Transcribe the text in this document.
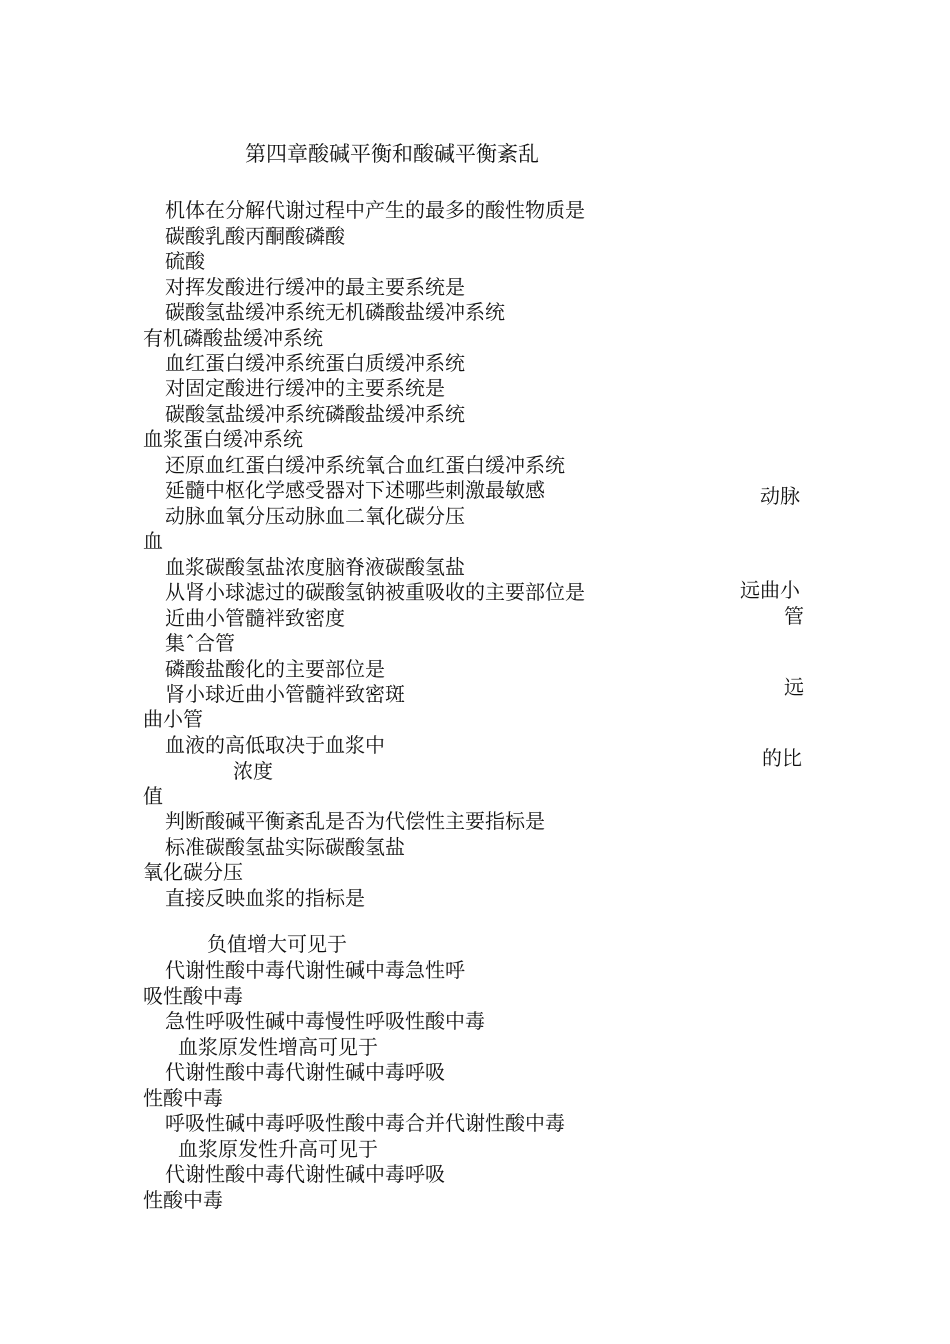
第四章酸碱平衡和酸碱平衡紊乱
机体在分解代谢过程中产生的最多的酸性物质是
碳酸乳酸丙酮酸磷酸
硫酸
对挥发酸进行缓冲的最主要系统是
碳酸氢盐缓冲系统无机磷酸盐缓冲系统
有机磷酸盐缓冲系统
血红蛋白缓冲系统蛋白质缓冲系统
对固定酸进行缓冲的主要系统是
碳酸氢盐缓冲系统磷酸盐缓冲系统
血浆蛋白缓冲系统
还原血红蛋白缓冲系统氧合血红蛋白缓冲系统
延髓中枢化学感受器对下述哪些刺激最敏感
动脉血氧分压动脉血二氧化碳分压
血
血浆碳酸氢盐浓度脑脊液碳酸氢盐
从肾小球滤过的碳酸氢钠被重吸收的主要部位是
近曲小管髓袢致密度
集ˆ合管
磷酸盐酸化的主要部位是
肾小球近曲小管髓袢致密斑
曲小管
血液的高低取决于血浆中
浓度
值
判断酸碱平衡紊乱是否为代偿性主要指标是
标准碳酸氢盐实际碳酸氢盐
氧化碳分压
直接反映血浆的指标是
负值增大可见于
代谢性酸中毒代谢性碱中毒急性呼
吸性酸中毒
急性呼吸性碱中毒慢性呼吸性酸中毒
血浆原发性增高可见于
代谢性酸中毒代谢性碱中毒呼吸
性酸中毒
呼吸性碱中毒呼吸性酸中毒合并代谢性酸中毒
血浆原发性升高可见于
代谢性酸中毒代谢性碱中毒呼吸
性酸中毒
动脉
远曲小
管
远
的比
